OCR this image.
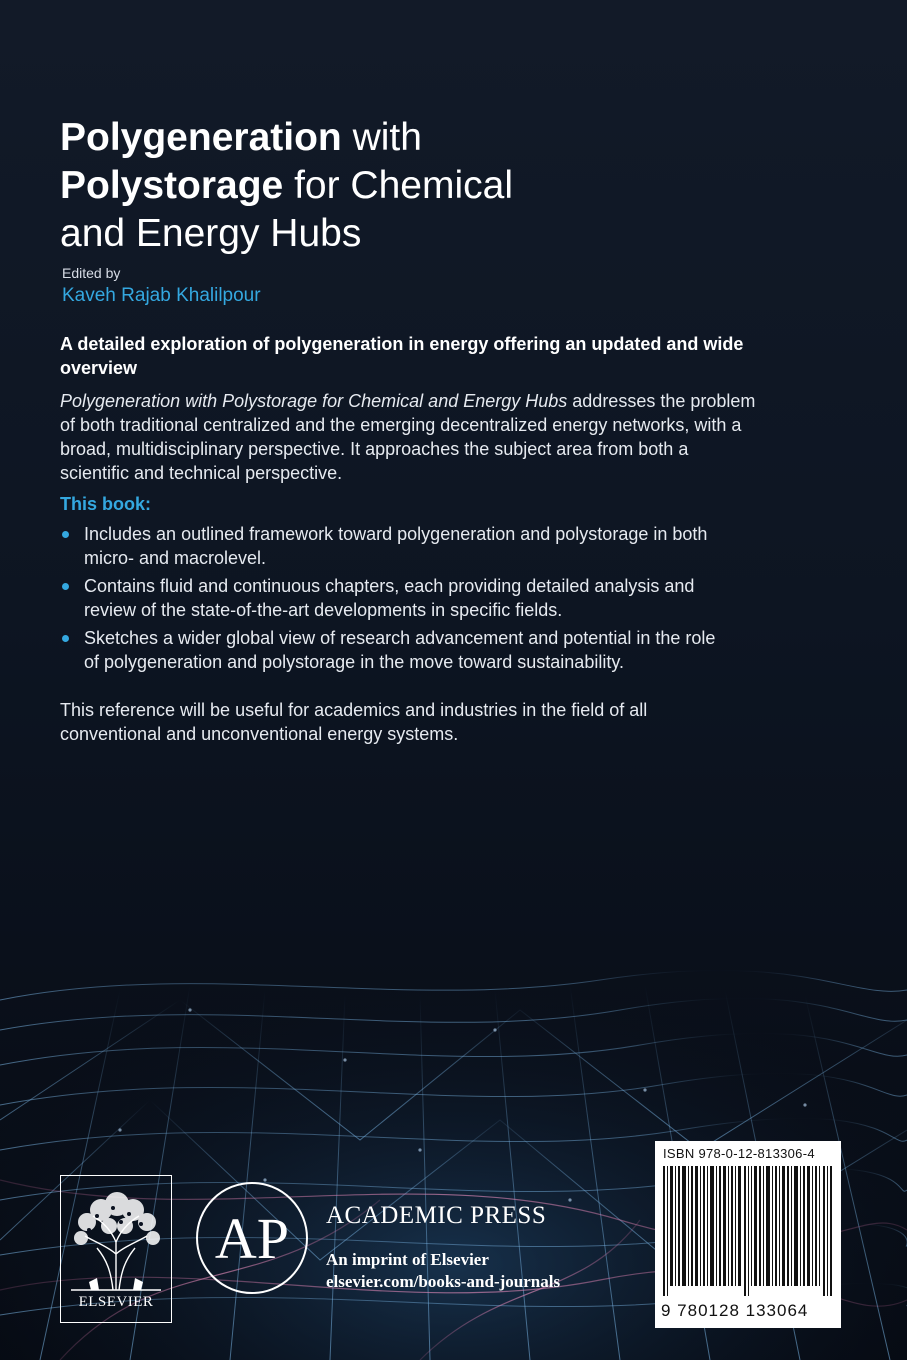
Polygeneration with
Polystorage for Chemical
and Energy Hubs
Edited by
Kaveh Rajab Khalilpour

A detailed exploration of polygeneration in energy offering an updated and wide overview

Polygeneration with Polystorage for Chemical and Energy Hubs addresses the problem of both traditional centralized and the emerging decentralized energy networks, with a broad, multidisciplinary perspective. It approaches the subject area from both a scientific and technical perspective.

This book:
Includes an outlined framework toward polygeneration and polystorage in both micro- and macrolevel.
Contains fluid and continuous chapters, each providing detailed analysis and review of the state-of-the-art developments in specific fields.
Sketches a wider global view of research advancement and potential in the role of polygeneration and polystorage in the move toward sustainability.

This reference will be useful for academics and industries in the field of all conventional and unconventional energy systems.

ELSEVIER
AP ACADEMIC PRESS
An imprint of Elsevier
elsevier.com/books-and-journals
ISBN 978-0-12-813306-4
9 780128 133064
